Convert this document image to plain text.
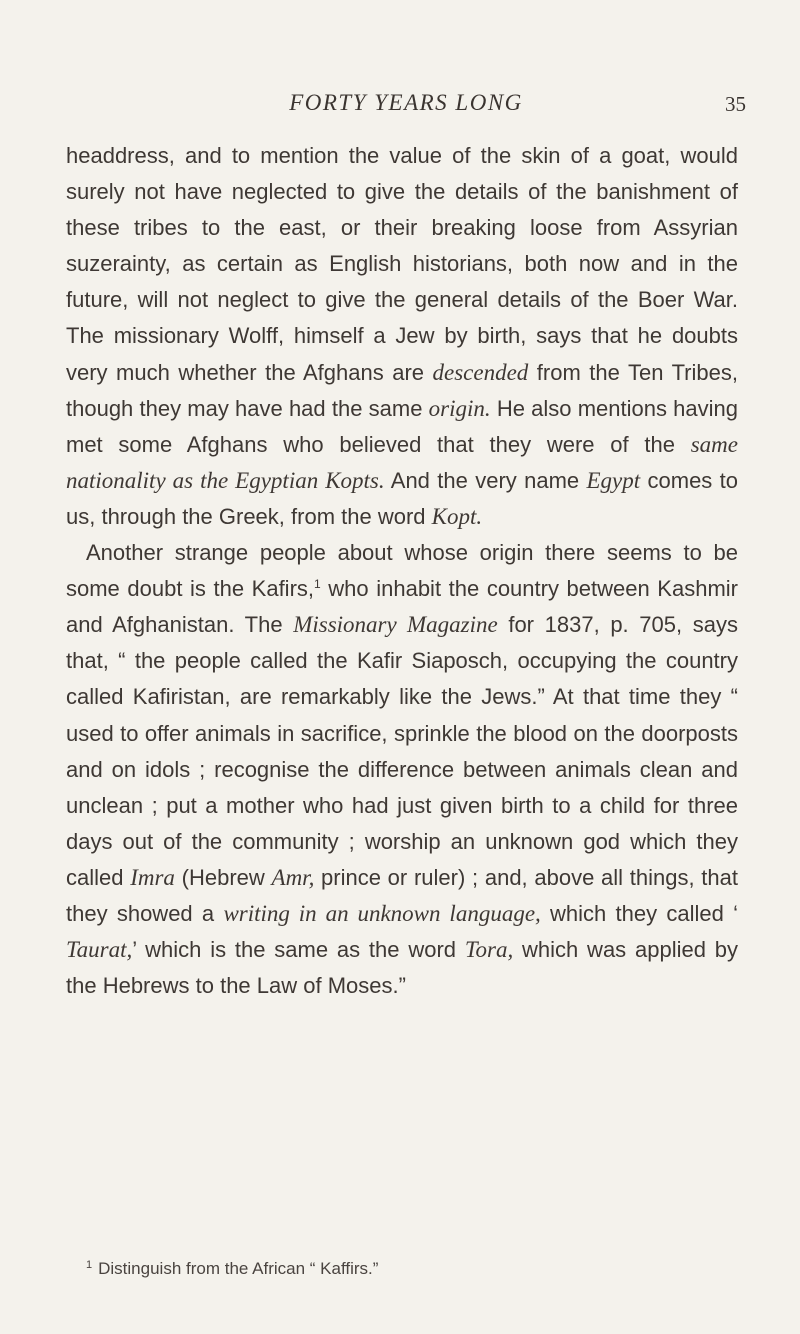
FORTY YEARS LONG	35

headdress, and to mention the value of the skin of a goat, would surely not have neglected to give the details of the banishment of these tribes to the east, or their breaking loose from Assyrian suzerainty, as certain as English historians, both now and in the future, will not neglect to give the general details of the Boer War. The missionary Wolff, himself a Jew by birth, says that he doubts very much whether the Afghans are descended from the Ten Tribes, though they may have had the same origin. He also mentions having met some Afghans who believed that they were of the same nationality as the Egyptian Kopts. And the very name Egypt comes to us, through the Greek, from the word Kopt.

Another strange people about whose origin there seems to be some doubt is the Kafirs,$^1$ who inhabit the country between Kashmir and Afghanistan. The Missionary Magazine for 1837, p. 705, says that, “ the people called the Kafir Siaposch, occupying the country called Kafiristan, are remarkably like the Jews.” At that time they “ used to offer animals in sacrifice, sprinkle the blood on the doorposts and on idols ; recognise the difference between animals clean and unclean ; put a mother who had just given birth to a child for three days out of the community ; worship an unknown god which they called Imra (Hebrew Amr, prince or ruler) ; and, above all things, that they showed a writing in an unknown language, which they called ‘ Taurat,’ which is the same as the word Tora, which was applied by the Hebrews to the Law of Moses.”

$^1$ Distinguish from the African “ Kaffirs.”
